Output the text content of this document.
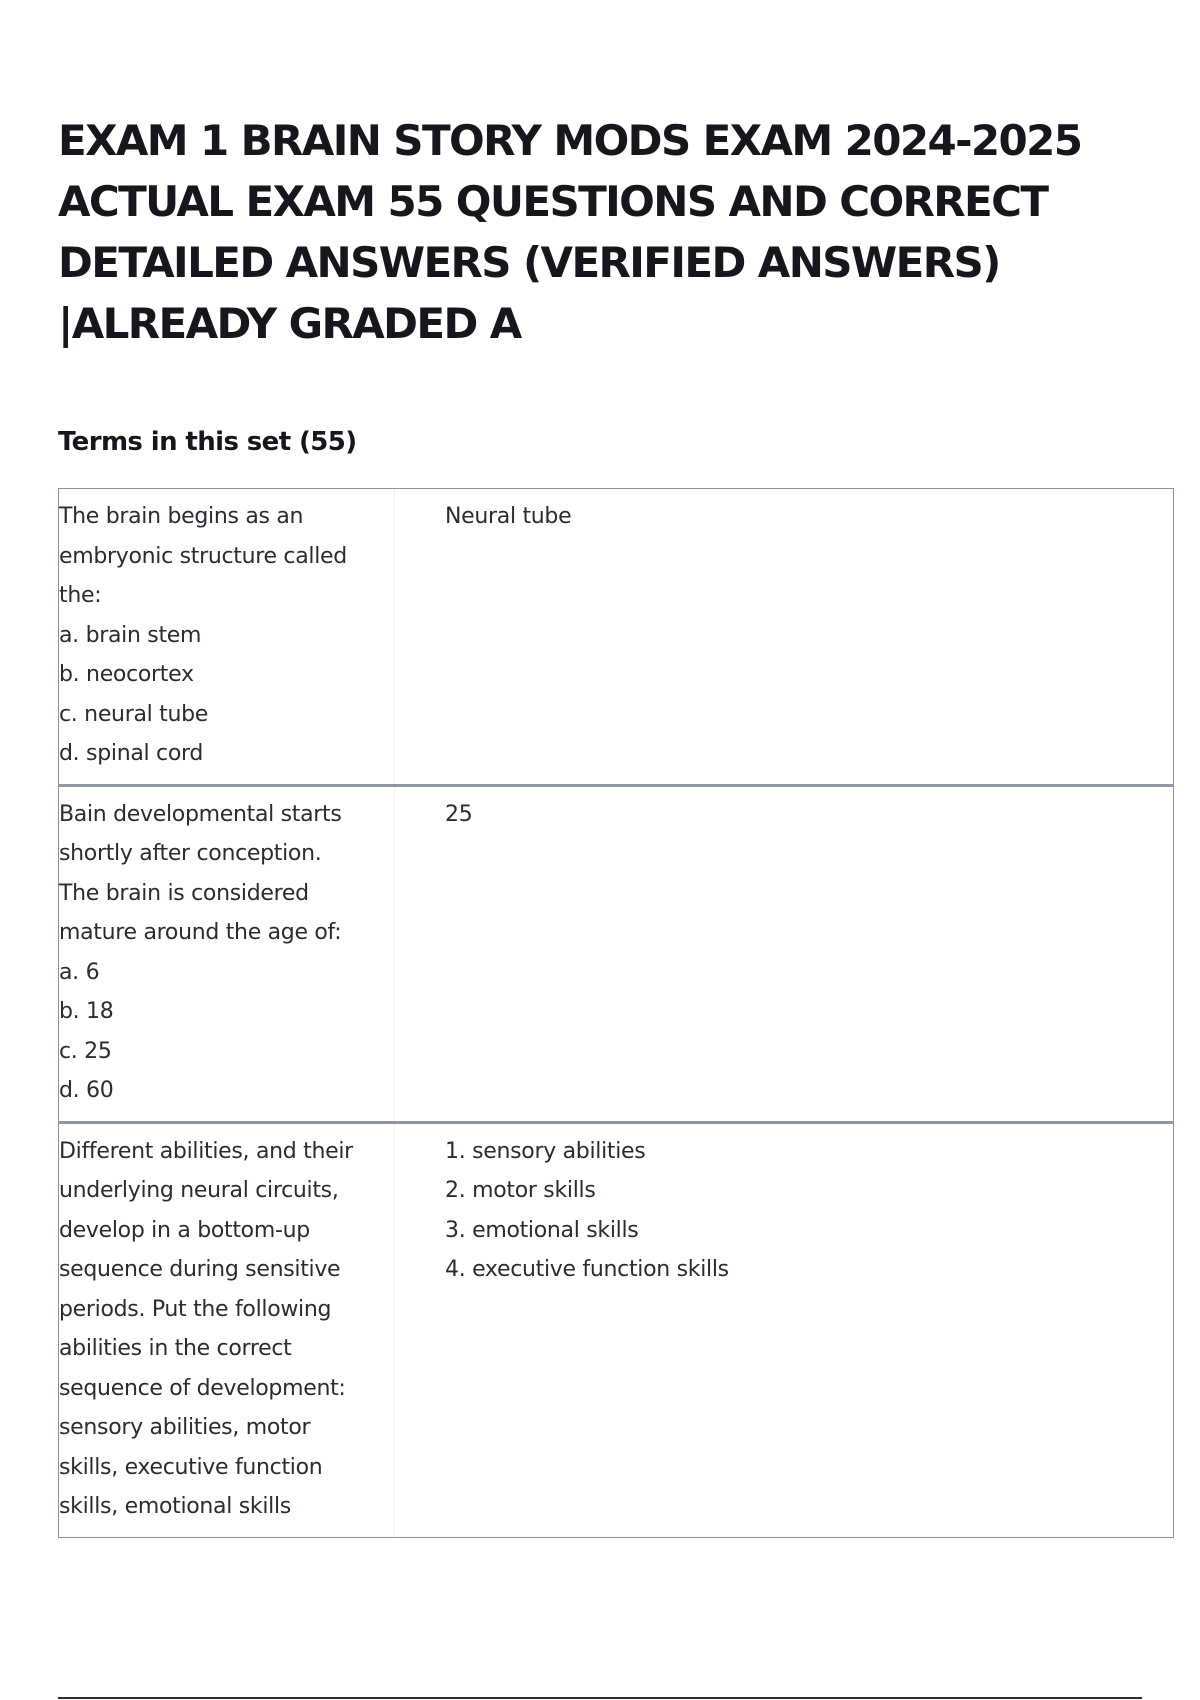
EXAM 1 BRAIN STORY MODS EXAM 2024-2025
ACTUAL EXAM 55 QUESTIONS AND CORRECT
DETAILED ANSWERS (VERIFIED ANSWERS)
|ALREADY GRADED A
Terms in this set (55)
The brain begins as an
embryonic structure called
the:
a. brain stem
b. neocortex
c. neural tube
d. spinal cord
Neural tube
Bain developmental starts
shortly after conception.
The brain is considered
mature around the age of:
a. 6
b. 18
c. 25
d. 60
25
Different abilities, and their
underlying neural circuits,
develop in a bottom-up
sequence during sensitive
periods. Put the following
abilities in the correct
sequence of development:
sensory abilities, motor
skills, executive function
skills, emotional skills
1. sensory abilities
2. motor skills
3. emotional skills
4. executive function skills
